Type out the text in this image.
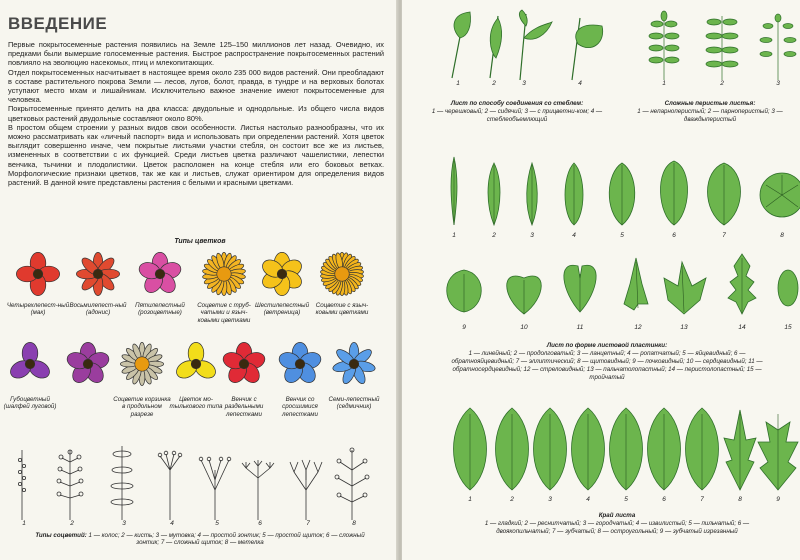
ВВЕДЕНИЕ

Первые покрытосеменные растения появились на Земле 125–150 миллионов лет назад. Очевидно, их предками были вымершие голосеменные растения. Быстрое распространение покрытосеменных растений повлияло на эволюцию насекомых, птиц и млекопитающих.

Отдел покрытосеменных насчитывает в настоящее время около 235 000 видов растений. Они преобладают в составе растительного покрова Земли — лесов, лугов, болот, правда, в тундре и на верховых болотах уступают место мхам и лишайникам. Исключительно важное значение имеют покрытосеменные для человека.

Покрытосеменные принято делить на два класса: двудольные и однодольные. Из общего числа видов цветковых растений двудольные составляют около 80%.

В простом общем строении у разных видов свои особенности. Листья настолько разнообразны, что их можно рассматривать как «личный паспорт» вида и использовать при определении растений. Хотя цветок выглядит совершенно иначе, чем покрытые листьями участки стебля, он состоит все же из листьев, измененных в соответствии с их функцией. Среди листьев цветка различают чашелистики, лепестки венчика, тычинки и плодолистики. Цветок расположен на конце стебля или его боковых ветках. Морфологические признаки цветков, так же как и листьев, служат ориентиром для определения видов растений. В данной книге представлены растения с белыми и красными цветками.

Типы цветков
Четырехлепест-ный (мак)
Восьмилепест-ный (адонис)
Пятилепестный (розоцветные)
Соцветие с труб-чатыми и языч-ковыми цветками
Шестилепестный (ветреница)
Соцветие с языч-ковыми цветками
Губоцветный (шалфей луговой)
Соцветие корзинка в продольном разрезе
Цветок мо-тылькового типа
Венчик с раздельными лепестками
Венчик со сросшимися лепестками
Семи-лепестный (седмичник)
1	2	3	4	5	6	7	8
Типы соцветий: 1 — колос; 2 — кисть; 3 — мутовка; 4 — простой зонтик; 5 — простой щиток; 6 — сложный зонтик; 7 — сложный щиток; 8 — метелка
1	2	3	4	1	2	3
Лист по способу соединения со стеблем:
1 — черешковый; 2 — сидячий; 3 — с прицветни-ком; 4 — стеблеобъемлющий
Сложные перистые листья:
1 — непарноперистый; 2 — парноперистый; 3 — дваждыперистый
1	2	3	4	5	6	7	8
9	10	11	12	13	14	15
Лист по форме листовой пластинки:
1 — линейный; 2 — продолговатый; 3 — ланцетный; 4 — ропатчатый; 5 — яйцевидный; 6 — обратнояйцевидный; 7 — эллиптический; 8 — щитовидный; 9 — почковидный; 10 — сердцевидный; 11 — обратносердцевидный; 12 — стреловидный; 13 — пальчатолопастный; 14 — перистолопастный; 15 — тройчатый
1	2	3	4	5	6	7	8	9
Край листа
1 — гладкий; 2 — реснитчатый; 3 — городчатый; 4 — извилистый; 5 — пильчатый; 6 — двоякопильчатый; 7 — зубчатый; 8 — остроугольный; 9 — зубчатый изрезанный
